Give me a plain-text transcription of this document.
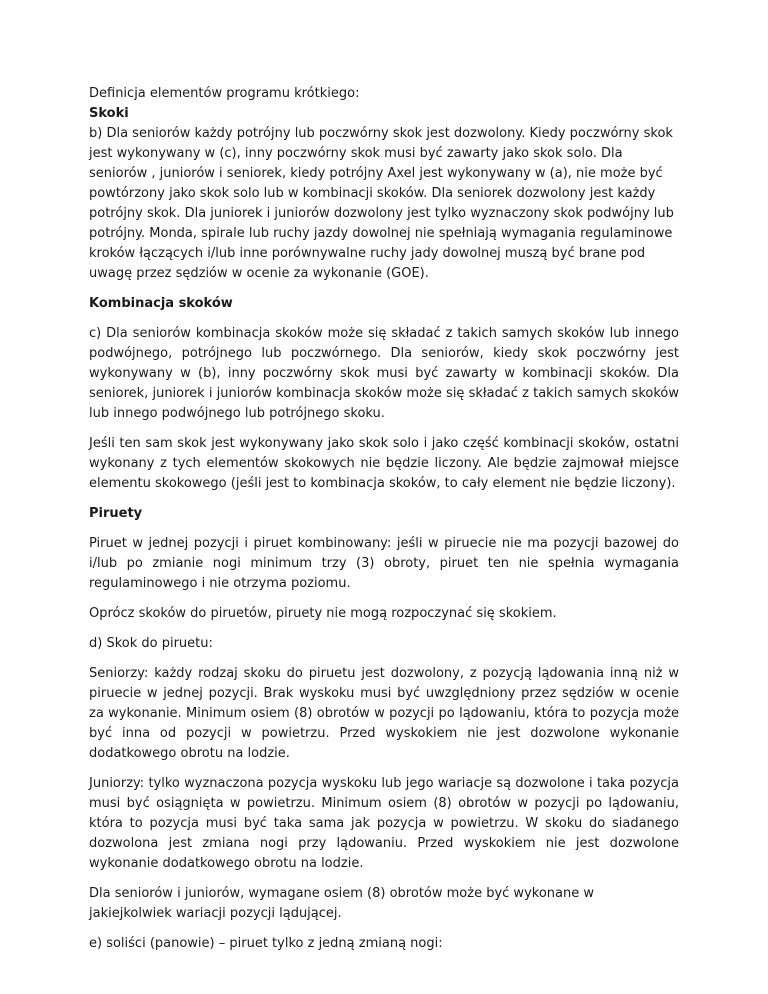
Definicja elementów programu krótkiego:
Skoki
b) Dla seniorów każdy potrójny lub poczwórny skok jest dozwolony. Kiedy poczwórny skok jest wykonywany w (c), inny poczwórny skok musi być zawarty jako skok solo. Dla seniorów , juniorów i seniorek, kiedy potrójny Axel jest wykonywany w (a), nie może być powtórzony jako skok solo lub w kombinacji skoków. Dla seniorek dozwolony jest każdy potrójny skok. Dla juniorek i juniorów dozwolony jest tylko wyznaczony skok podwójny lub potrójny. Monda, spirale lub ruchy jazdy dowolnej nie spełniają wymagania regulaminowe kroków łączących i/lub inne porównywalne ruchy jady dowolnej muszą być brane pod uwagę przez sędziów w ocenie za wykonanie (GOE).

Kombinacja skoków

c) Dla seniorów kombinacja skoków może się składać z takich samych skoków lub innego podwójnego, potrójnego lub poczwórnego. Dla seniorów, kiedy skok poczwórny jest wykonywany w (b), inny poczwórny skok musi być zawarty w kombinacji skoków. Dla seniorek, juniorek i juniorów kombinacja skoków może się składać z takich samych skoków lub innego podwójnego lub potrójnego skoku.

Jeśli ten sam skok jest wykonywany jako skok solo i jako część kombinacji skoków, ostatni wykonany z tych elementów skokowych nie będzie liczony. Ale będzie zajmował miejsce elementu skokowego (jeśli jest to kombinacja skoków, to cały element nie będzie liczony).

Piruety

Piruet w jednej pozycji i piruet kombinowany: jeśli w piruecie nie ma pozycji bazowej do i/lub po zmianie nogi minimum trzy (3) obroty, piruet ten nie spełnia wymagania regulaminowego i nie otrzyma poziomu.

Oprócz skoków do piruetów, piruety nie mogą rozpoczynać się skokiem.

d) Skok do piruetu:

Seniorzy: każdy rodzaj skoku do piruetu jest dozwolony, z pozycją lądowania inną niż w piruecie w jednej pozycji. Brak wyskoku musi być uwzględniony przez sędziów w ocenie za wykonanie. Minimum osiem (8) obrotów w pozycji po lądowaniu, która to pozycja może być inna od pozycji w powietrzu. Przed wyskokiem nie jest dozwolone wykonanie dodatkowego obrotu na lodzie.

Juniorzy: tylko wyznaczona pozycja wyskoku lub jego wariacje są dozwolone i taka pozycja musi być osiągnięta w powietrzu. Minimum osiem (8) obrotów w pozycji po lądowaniu, która to pozycja musi być taka sama jak pozycja w powietrzu. W skoku do siadanego dozwolona jest zmiana nogi przy lądowaniu. Przed wyskokiem nie jest dozwolone wykonanie dodatkowego obrotu na lodzie.

Dla seniorów i juniorów, wymagane osiem (8) obrotów może być wykonane w jakiejkolwiek wariacji pozycji lądującej.

e) soliści (panowie) – piruet tylko z jedną zmianą nogi:
